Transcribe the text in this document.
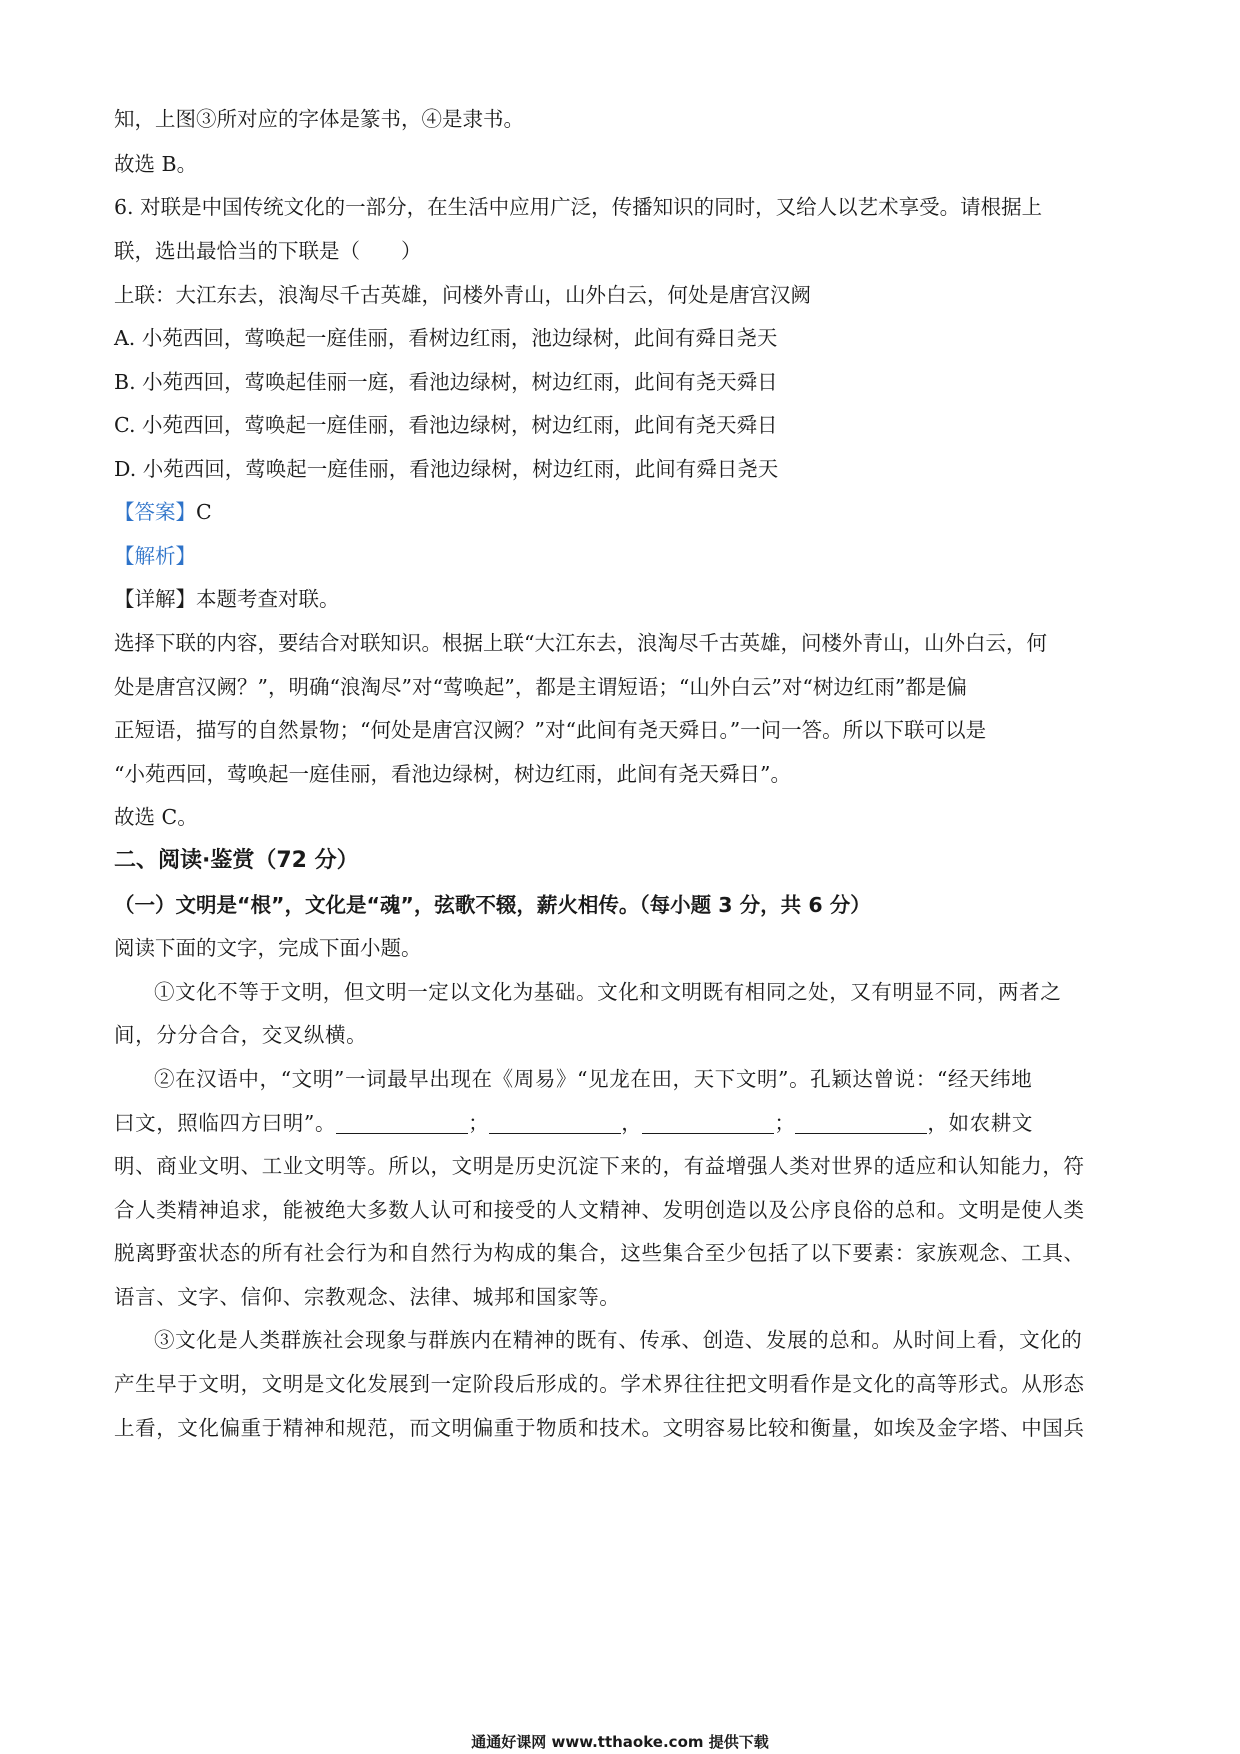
知，上图③所对应的字体是篆书，④是隶书。
故选 B。
6. 对联是中国传统文化的一部分，在生活中应用广泛，传播知识的同时，又给人以艺术享受。请根据上
联，选出最恰当的下联是（　　）
上联：大江东去，浪淘尽千古英雄，问楼外青山，山外白云，何处是唐宫汉阙
A. 小苑西回，莺唤起一庭佳丽，看树边红雨，池边绿树，此间有舜日尧天
B. 小苑西回，莺唤起佳丽一庭，看池边绿树，树边红雨，此间有尧天舜日
C. 小苑西回，莺唤起一庭佳丽，看池边绿树，树边红雨，此间有尧天舜日
D. 小苑西回，莺唤起一庭佳丽，看池边绿树，树边红雨，此间有舜日尧天
【答案】C
【解析】
【详解】本题考查对联。
选择下联的内容，要结合对联知识。根据上联“大江东去，浪淘尽千古英雄，问楼外青山，山外白云，何
处是唐宫汉阙？”，明确“浪淘尽”对“莺唤起”，都是主谓短语；“山外白云”对“树边红雨”都是偏
正短语，描写的自然景物；“何处是唐宫汉阙？”对“此间有尧天舜日。”一问一答。所以下联可以是
“小苑西回，莺唤起一庭佳丽，看池边绿树，树边红雨，此间有尧天舜日”。
故选 C。
二、阅读·鉴赏（72 分）
（一）文明是“根”，文化是“魂”，弦歌不辍，薪火相传。（每小题 3 分，共 6 分）
阅读下面的文字，完成下面小题。
①文化不等于文明，但文明一定以文化为基础。文化和文明既有相同之处，又有明显不同，两者之
间，分分合合，交叉纵横。
②在汉语中，“文明”一词最早出现在《周易》“见龙在田，天下文明”。孔颖达曾说：“经天纬地
曰文，照临四方曰明”。	；	，	；	，如农耕文
明、商业文明、工业文明等。所以，文明是历史沉淀下来的，有益增强人类对世界的适应和认知能力，符
合人类精神追求，能被绝大多数人认可和接受的人文精神、发明创造以及公序良俗的总和。文明是使人类
脱离野蛮状态的所有社会行为和自然行为构成的集合，这些集合至少包括了以下要素：家族观念、工具、
语言、文字、信仰、宗教观念、法律、城邦和国家等。
③文化是人类群族社会现象与群族内在精神的既有、传承、创造、发展的总和。从时间上看，文化的
产生早于文明，文明是文化发展到一定阶段后形成的。学术界往往把文明看作是文化的高等形式。从形态
上看，文化偏重于精神和规范，而文明偏重于物质和技术。文明容易比较和衡量，如埃及金字塔、中国兵
通通好课网 www.tthaoke.com 提供下载
